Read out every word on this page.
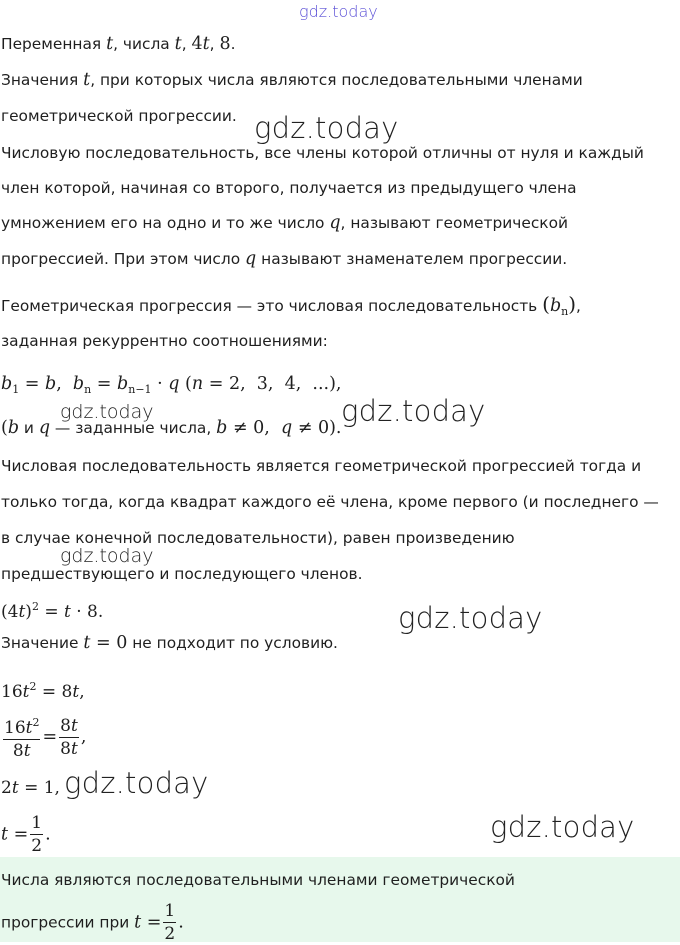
gdz.today
Переменная t, числа t, 4t, 8.
Значения t, при которых числа являются последовательными членами
геометрической прогрессии.
Числовую последовательность, все члены которой отличны от нуля и каждый
член которой, начиная со второго, получается из предыдущего члена
умножением его на одно и то же число q, называют геометрической
прогрессией. При этом число q называют знаменателем прогрессии.
Геометрическая прогрессия — это числовая последовательность $(b_n)$,
заданная рекуррентно соотношениями:
$b_1 = b$,  $b_n = b_{n-1} \cdot q$ (n = 2,  3,  4,  ...),
(b и q — заданные числа, b ≠ 0,  q ≠ 0).
Числовая последовательность является геометрической прогрессией тогда и
только тогда, когда квадрат каждого её члена, кроме первого (и последнего —
в случае конечной последовательности), равен произведению
предшествующего и последующего членов.
$(4t)^2 = t \cdot 8$.
Значение t = 0 не подходит по условию.
$16t^2 = 8t$,
$\frac{16t^2}{8t} = \frac{8t}{8t}$ ,
2t = 1,
$t = \frac{1}{2}$ .
Числа являются последовательными членами геометрической
прогрессии при $t = \frac{1}{2}$ .
gdz.today
gdz.today	gdz.today
gdz.today
gdz.today
gdz.today
gdz.today
